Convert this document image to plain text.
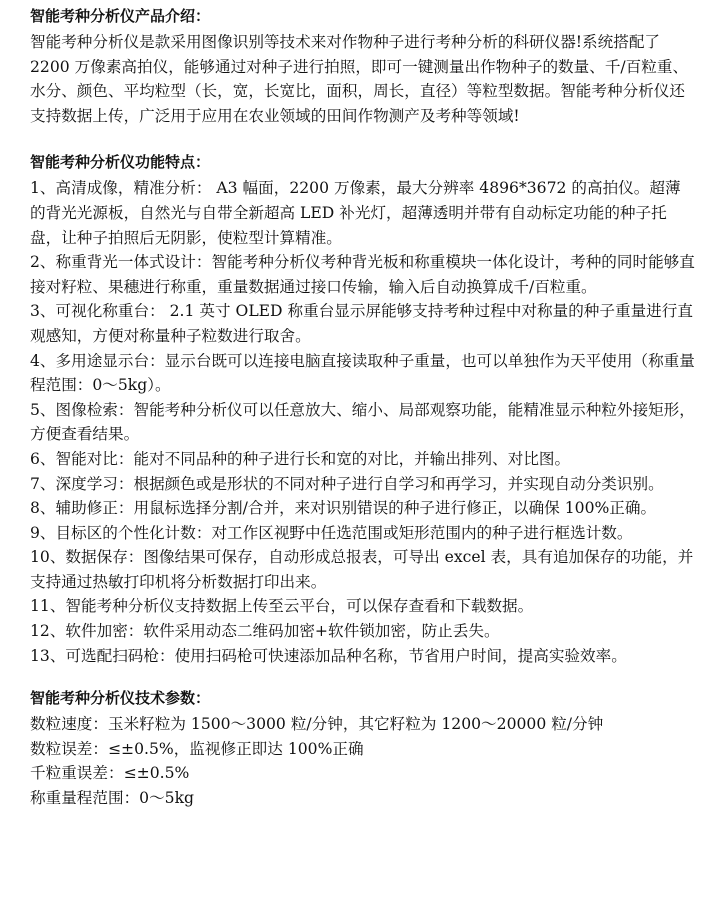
智能考种分析仪产品介绍：

智能考种分析仪是款采用图像识别等技术来对作物种子进行考种分析的科研仪器!系统搭配了 2200 万像素高拍仪，能够通过对种子进行拍照，即可一键测量出作物种子的数量、千/百粒重、水分、颜色、平均粒型（长，宽，长宽比，面积，周长，直径）等粒型数据。智能考种分析仪还支持数据上传，广泛用于应用在农业领域的田间作物测产及考种等领域!

智能考种分析仪功能特点：

1、高清成像，精准分析： A3 幅面，2200 万像素，最大分辨率 4896*3672 的高拍仪。超薄的背光光源板，自然光与自带全新超高 LED 补光灯，超薄透明并带有自动标定功能的种子托盘，让种子拍照后无阴影，使粒型计算精准。

2、称重背光一体式设计：智能考种分析仪考种背光板和称重模块一体化设计，考种的同时能够直接对籽粒、果穗进行称重，重量数据通过接口传输，输入后自动换算成千/百粒重。

3、可视化称重台： 2.1 英寸 OLED 称重台显示屏能够支持考种过程中对称量的种子重量进行直观感知，方便对称量种子粒数进行取舍。

4、多用途显示台：显示台既可以连接电脑直接读取种子重量，也可以单独作为天平使用（称重量程范围：0～5kg）。

5、图像检索：智能考种分析仪可以任意放大、缩小、局部观察功能，能精准显示种粒外接矩形，方便查看结果。

6、智能对比：能对不同品种的种子进行长和宽的对比，并输出排列、对比图。

7、深度学习：根据颜色或是形状的不同对种子进行自学习和再学习，并实现自动分类识别。

8、辅助修正：用鼠标选择分割/合并，来对识别错误的种子进行修正，以确保 100%正确。

9、目标区的个性化计数：对工作区视野中任选范围或矩形范围内的种子进行框选计数。

10、数据保存：图像结果可保存，自动形成总报表，可导出 excel 表，具有追加保存的功能，并支持通过热敏打印机将分析数据打印出来。

11、智能考种分析仪支持数据上传至云平台，可以保存查看和下载数据。

12、软件加密：软件采用动态二维码加密+软件锁加密，防止丢失。

13、可选配扫码枪：使用扫码枪可快速添加品种名称，节省用户时间，提高实验效率。

智能考种分析仪技术参数：

数粒速度：玉米籽粒为 1500～3000 粒/分钟，其它籽粒为 1200～20000 粒/分钟

数粒误差：≤±0.5%，监视修正即达 100%正确

千粒重误差：≤±0.5%

称重量程范围：0～5kg
